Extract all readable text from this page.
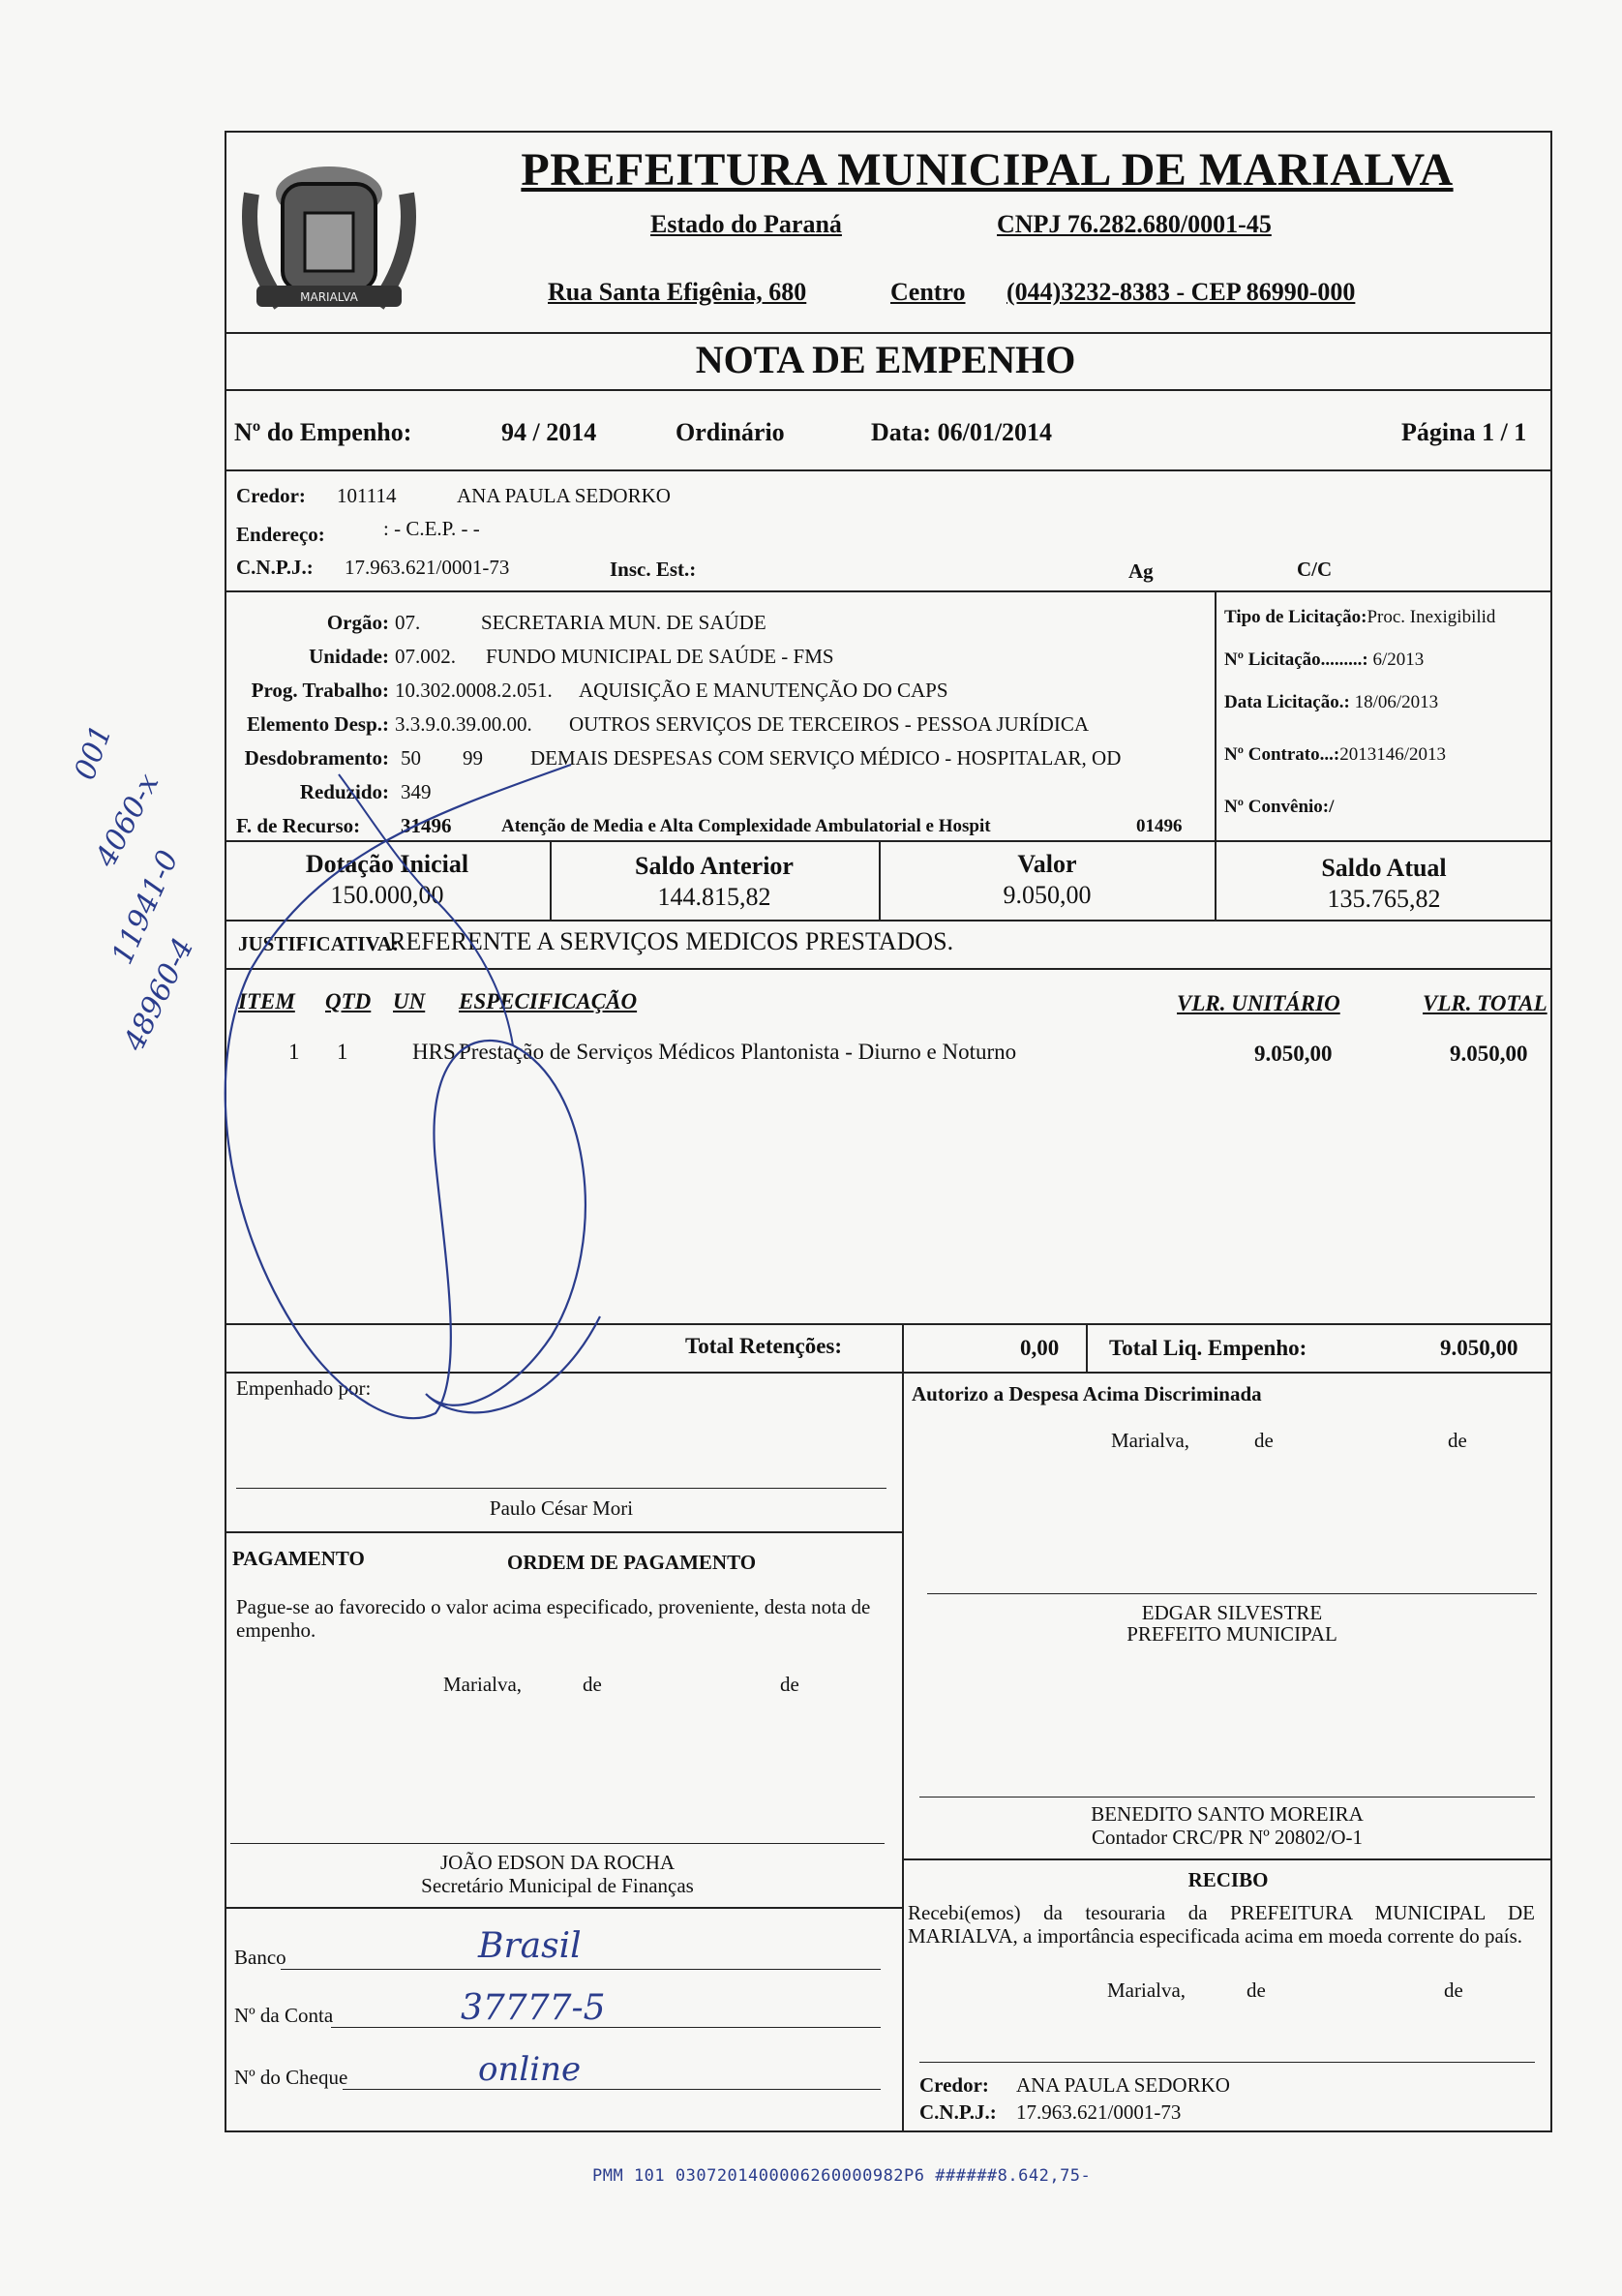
MARIALVA
PREFEITURA MUNICIPAL DE MARIALVA
Estado do Paraná	CNPJ 76.282.680/0001-45
Rua Santa Efigênia, 680	Centro (044)3232-8383 - CEP 86990-000
NOTA DE EMPENHO
Nº do Empenho:	94 / 2014	Ordinário	Data: 06/01/2014	Página 1 / 1
Credor: 101114	ANA PAULA SEDORKO
Endereço:	: - C.E.P. - -
C.N.P.J.: 17.963.621/0001-73	Insc. Est.:	Ag	C/C
Orgão: 07.	SECRETARIA MUN. DE SAÚDE
Unidade: 07.002. FUNDO MUNICIPAL DE SAÚDE - FMS
Prog. Trabalho: 10.302.0008.2.051. AQUISIÇÃO E MANUTENÇÃO DO CAPS
Elemento Desp.: 3.3.9.0.39.00.00. OUTROS SERVIÇOS DE TERCEIROS - PESSOA JURÍDICA
Desdobramento: 50 99 DEMAIS DESPESAS COM SERVIÇO MÉDICO - HOSPITALAR, OD
Reduzido: 349
F. de Recurso: 31496	Atenção de Media e Alta Complexidade Ambulatorial e Hospit	01496
Tipo de Licitação:Proc. Inexigibilid
Nº Licitação.........: 6/2013
Data Licitação.: 18/06/2013
Nº Contrato...:2013146/2013
Nº Convênio:/
Dotação Inicial
150.000,00
Saldo Anterior
144.815,82
Valor
9.050,00
Saldo Atual
135.765,82
JUSTIFICATIVA:
REFERENTE A SERVIÇOS MEDICOS PRESTADOS.
ITEM QTD UN ESPECIFICAÇÃO	VLR. UNITÁRIO	VLR. TOTAL
1 1	HRS Prestação de Serviços Médicos Plantonista - Diurno e Noturno	9.050,00	9.050,00
Total Retenções:	0,00 Total Liq. Empenho:	9.050,00
Empenhado por:
Paulo César Mori
Autorizo a Despesa Acima Discriminada
Marialva,	de	de
EDGAR SILVESTRE
PREFEITO MUNICIPAL
PAGAMENTO	ORDEM DE PAGAMENTO
Pague-se ao favorecido o valor acima especificado, proveniente, desta nota de empenho.
Marialva,	de	de
JOÃO EDSON DA ROCHA
Secretário Municipal de Finanças
BENEDITO SANTO MOREIRA
Contador CRC/PR Nº 20802/O-1
Banco	Brasil
Nº da Conta	37777-5
Nº do Cheque	online
RECIBO
Recebi(emos) da tesouraria da PREFEITURA MUNICIPAL DE MARIALVA, a importância especificada acima em moeda corrente do país.
Marialva,	de	de
Credor: ANA PAULA SEDORKO
C.N.P.J.: 17.963.621/0001-73
PMM 101 0307201400006260000982P6 ######8.642,75-
001
4060-x
11941-0
48960-4
